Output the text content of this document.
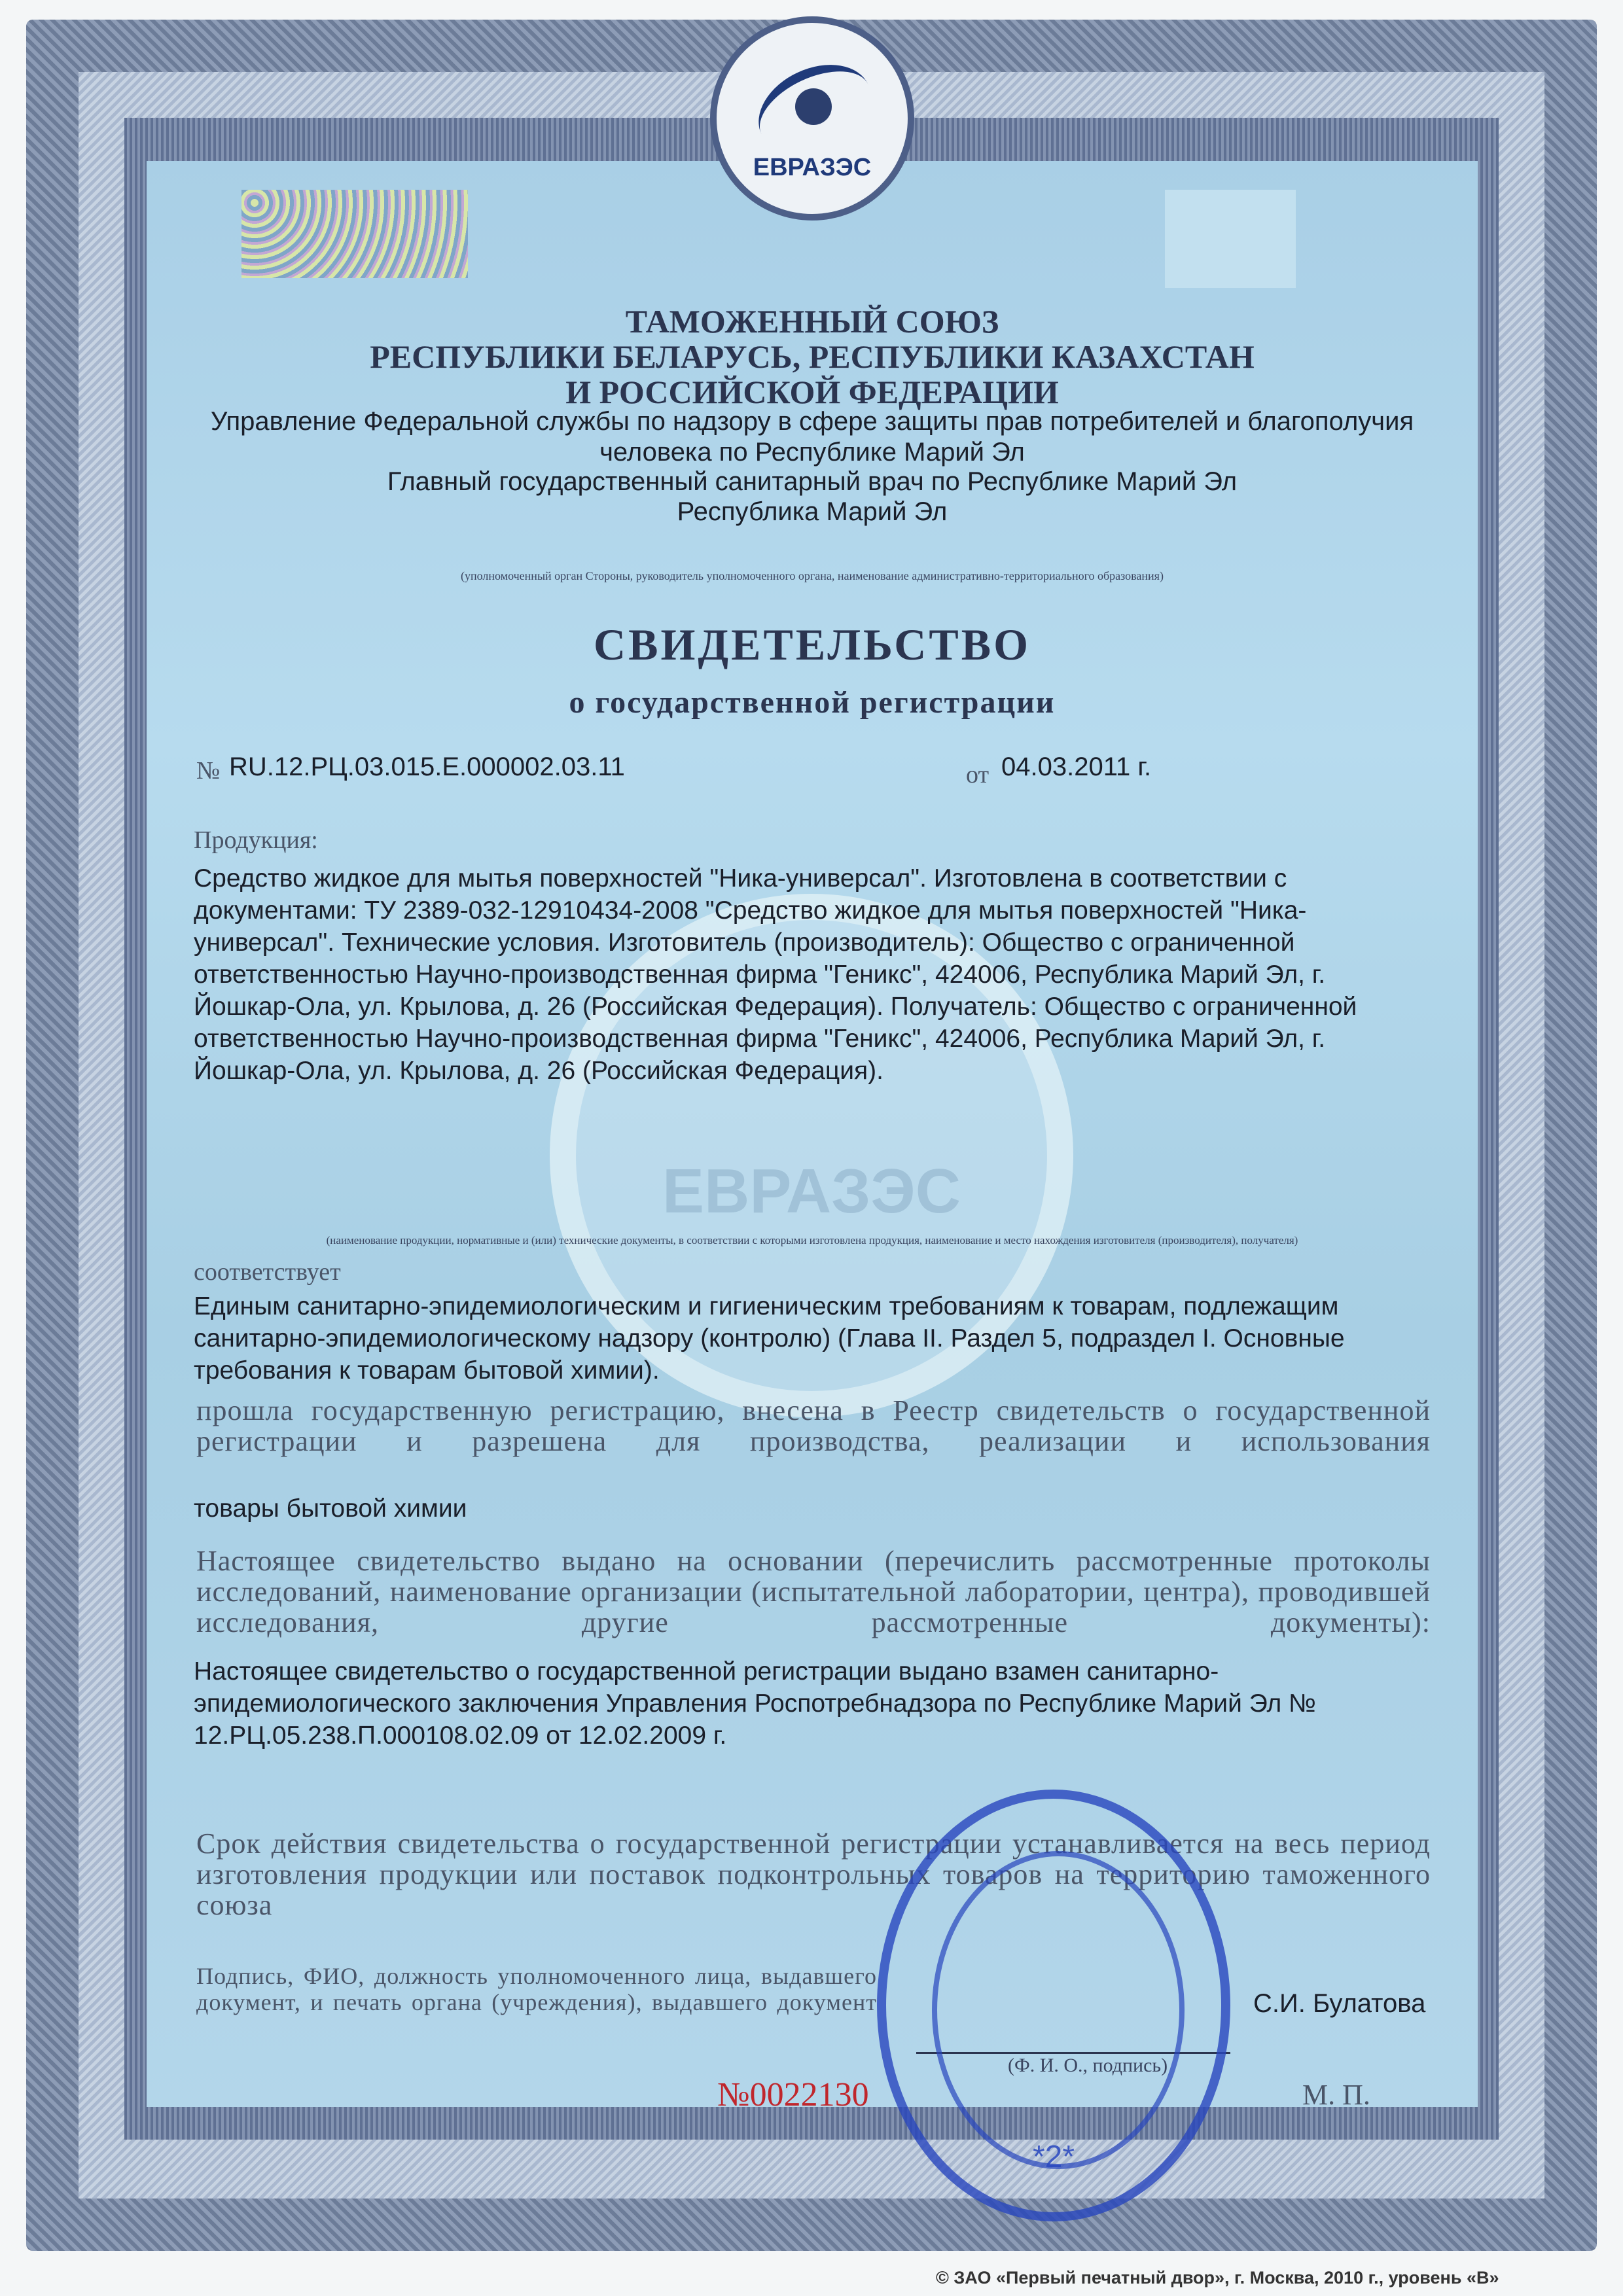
ЕВРАЗЭС
ЕВРАЗЭС
ТАМОЖЕННЫЙ СОЮЗ
РЕСПУБЛИКИ БЕЛАРУСЬ, РЕСПУБЛИКИ КАЗАХСТАН
И РОССИЙСКОЙ ФЕДЕРАЦИИ
Управление Федеральной службы по надзору в сфере защиты прав потребителей и благополучия
человека по Республике Марий Эл
Главный государственный санитарный врач по Республике Марий Эл
Республика Марий Эл
(уполномоченный орган Стороны, руководитель уполномоченного органа, наименование административно-территориального образования)
СВИДЕТЕЛЬСТВО
о государственной регистрации
№ RU.12.РЦ.03.015.Е.000002.03.11	от 04.03.2011 г.
Продукция:
Средство жидкое для мытья поверхностей "Ника-универсал". Изготовлена в соответствии с документами: ТУ 2389-032-12910434-2008 "Средство жидкое для мытья поверхностей "Ника-универсал". Технические условия. Изготовитель (производитель): Общество с ограниченной ответственностью Научно-производственная фирма "Геникс", 424006, Республика Марий Эл, г. Йошкар-Ола, ул. Крылова, д. 26 (Российская Федерация). Получатель: Общество с ограниченной ответственностью Научно-производственная фирма "Геникс", 424006, Республика Марий Эл, г. Йошкар-Ола, ул. Крылова, д. 26 (Российская Федерация).
(наименование продукции, нормативные и (или) технические документы, в соответствии с которыми изготовлена продукция, наименование и место нахождения изготовителя (производителя), получателя)
соответствует
Единым санитарно-эпидемиологическим и гигиеническим требованиям к товарам, подлежащим санитарно-эпидемиологическому надзору (контролю) (Глава II. Раздел 5, подраздел I. Основные требования к товарам бытовой химии).
прошла государственную регистрацию, внесена в Реестр свидетельств о государственной регистрации и разрешена для производства, реализации и использования
товары бытовой химии
Настоящее свидетельство выдано на основании (перечислить рассмотренные протоколы исследований, наименование организации (испытательной лаборатории, центра), проводившей исследования, другие рассмотренные документы):
Настоящее свидетельство о государственной регистрации выдано взамен санитарно-эпидемиологического заключения Управления Роспотребнадзора по Республике Марий Эл № 12.РЦ.05.238.П.000108.02.09 от 12.02.2009 г.
Срок действия свидетельства о государственной регистрации устанавливается на весь период изготовления продукции или поставок подконтрольных товаров на территорию таможенного союза
Подпись, ФИО, должность уполномоченного лица, выдавшего документ, и печать органа (учреждения), выдавшего документ	С.И. Булатова
(Ф. И. О., подпись)
М. П.
№0022130
*2*
© ЗАО «Первый печатный двор», г. Москва, 2010 г., уровень «В»
